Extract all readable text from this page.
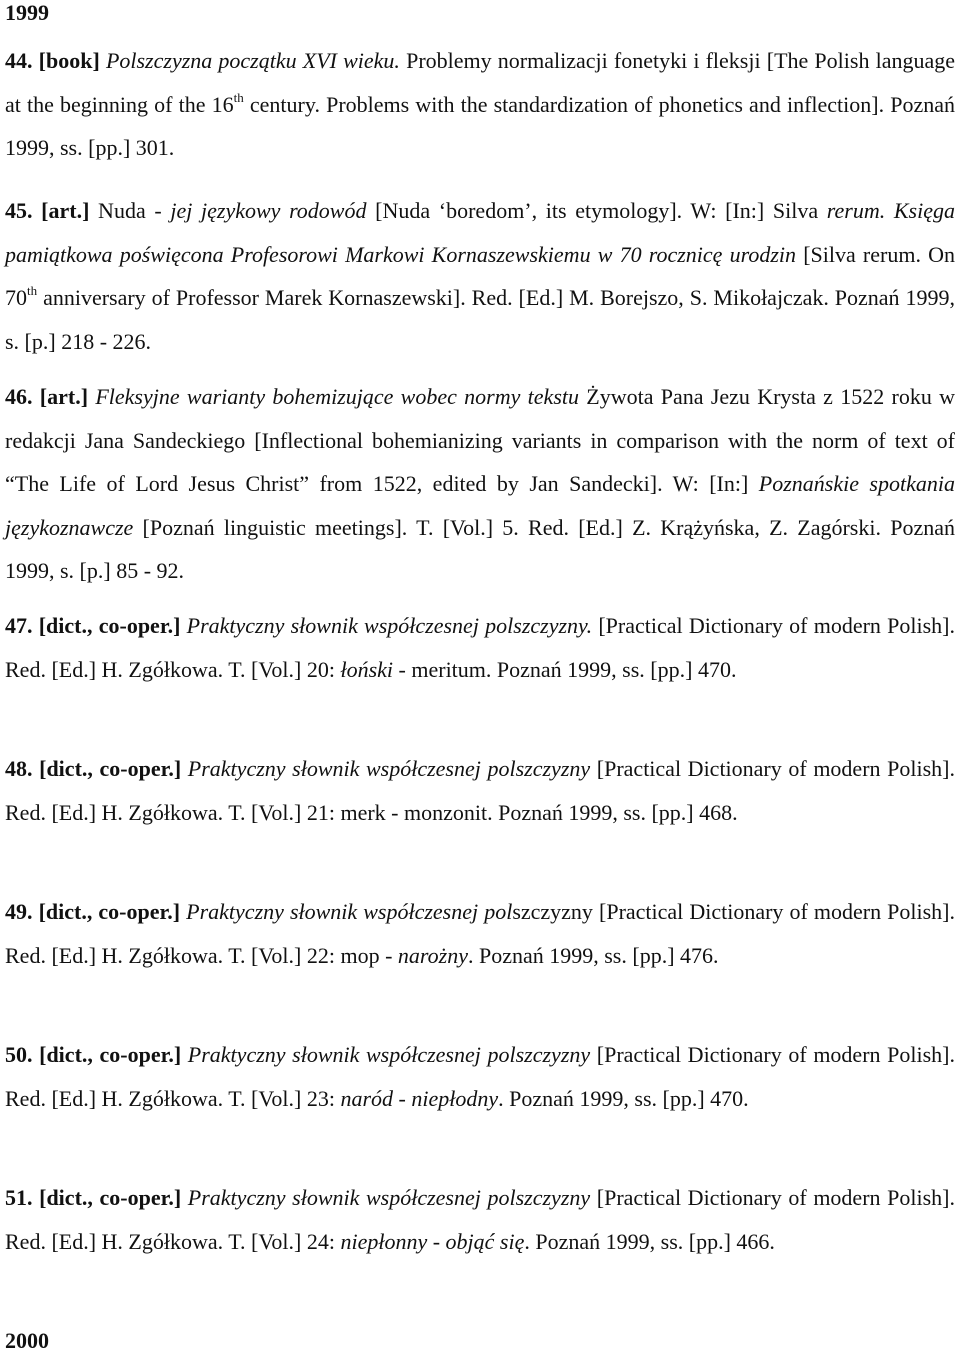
1999
44. [book] Polszczyzna początku XVI wieku. Problemy normalizacji fonetyki i fleksji [The Polish language at the beginning of the 16th century. Problems with the standardization of phonetics and inflection]. Poznań 1999, ss. [pp.] 301.
45. [art.] Nuda - jej językowy rodowód [Nuda ‘boredom’, its etymology]. W: [In:] Silva rerum. Księga pamiątkowa poświęcona Profesorowi Markowi Kornaszewskiemu w 70 rocznicę urodzin [Silva rerum. On 70th anniversary of Professor Marek Kornaszewski]. Red. [Ed.] M. Borejszo, S. Mikołajczak. Poznań 1999, s. [p.] 218 - 226.
46. [art.] Fleksyjne warianty bohemizujące wobec normy tekstu Żywota Pana Jezu Krysta z 1522 roku w redakcji Jana Sandeckiego [Inflectional bohemianizing variants in comparison with the norm of text of “The Life of Lord Jesus Christ” from 1522, edited by Jan Sandecki]. W: [In:] Poznańskie spotkania językoznawcze [Poznań linguistic meetings]. T. [Vol.] 5. Red. [Ed.] Z. Krążyńska, Z. Zagórski. Poznań 1999, s. [p.] 85 - 92.
47. [dict., co-oper.] Praktyczny słownik współczesnej polszczyzny. [Practical Dictionary of modern Polish]. Red. [Ed.] H. Zgółkowa. T. [Vol.] 20: łoński - meritum. Poznań 1999, ss. [pp.] 470.
48. [dict., co-oper.] Praktyczny słownik współczesnej polszczyzny [Practical Dictionary of modern Polish]. Red. [Ed.] H. Zgółkowa. T. [Vol.] 21: merk - monzonit. Poznań 1999, ss. [pp.] 468.
49. [dict., co-oper.] Praktyczny słownik współczesnej polszczyzny [Practical Dictionary of modern Polish]. Red. [Ed.] H. Zgółkowa. T. [Vol.] 22: mop - narożny. Poznań 1999, ss. [pp.] 476.
50. [dict., co-oper.] Praktyczny słownik współczesnej polszczyzny [Practical Dictionary of modern Polish]. Red. [Ed.] H. Zgółkowa. T. [Vol.] 23: naród - niepłodny. Poznań 1999, ss. [pp.] 470.
51. [dict., co-oper.] Praktyczny słownik współczesnej polszczyzny [Practical Dictionary of modern Polish]. Red. [Ed.] H. Zgółkowa. T. [Vol.] 24: niepłonny - objąć się. Poznań 1999, ss. [pp.] 466.
2000
